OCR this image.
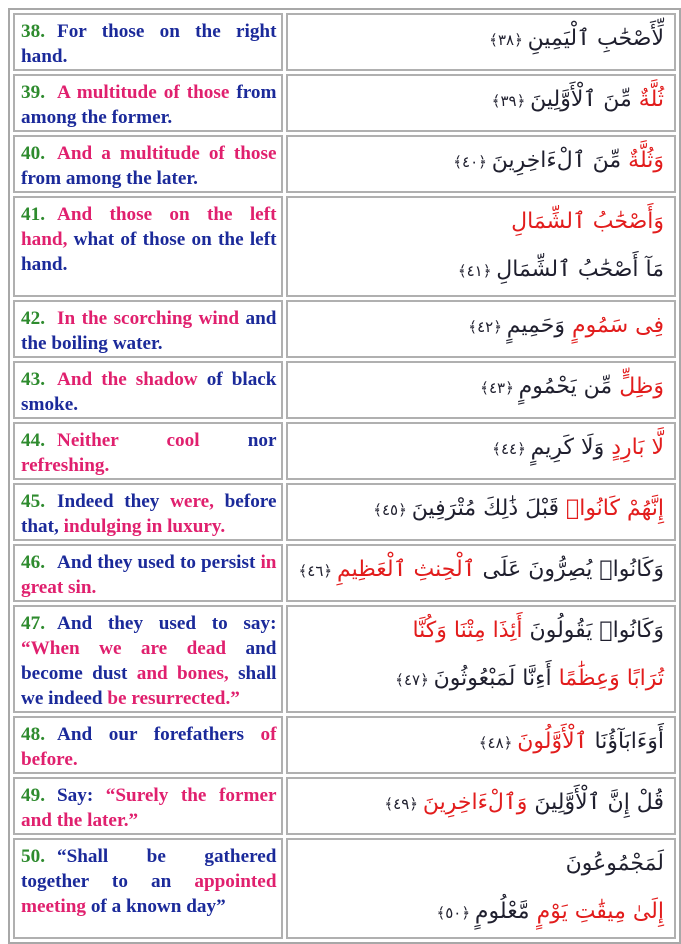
38. For those on the right hand.	لِّأَصْحَٰبِ ٱلْيَمِينِ ﴿٣٨﴾

39. A multitude of those from among the former.	ثُلَّةٌ مِّنَ ٱلْأَوَّلِينَ ﴿٣٩﴾

40. And a multitude of those from among the later.	وَثُلَّةٌ مِّنَ ٱلْءَاخِرِينَ ﴿٤٠﴾

41. And those on the left hand, what of those on the left hand.	وَأَصْحَٰبُ ٱلشِّمَالِ
مَآ أَصْحَٰبُ ٱلشِّمَالِ ﴿٤١﴾

42. In the scorching wind and the boiling water.	فِى سَمُومٍ وَحَمِيمٍ ﴿٤٢﴾

43. And the shadow of black smoke.	وَظِلٍّ مِّن يَحْمُومٍ ﴿٤٣﴾

44. Neither cool nor refreshing.	لَّا بَارِدٍ وَلَا كَرِيمٍ ﴿٤٤﴾

45. Indeed they were, before that, indulging in luxury.	إِنَّهُمْ كَانُوا۟ قَبْلَ ذَٰلِكَ مُتْرَفِينَ ﴿٤٥﴾

46. And they used to persist in great sin.	وَكَانُوا۟ يُصِرُّونَ عَلَى ٱلْحِنثِ ٱلْعَظِيمِ ﴿٤٦﴾

47. And they used to say: “When we are dead and become dust and bones, shall we indeed be resurrected.”	وَكَانُوا۟ يَقُولُونَ أَئِذَا مِتْنَا وَكُنَّا
تُرَابًا وَعِظَٰمًا أَءِنَّا لَمَبْعُوثُونَ ﴿٤٧﴾

48. And our forefathers of before.	أَوَءَابَآؤُنَا ٱلْأَوَّلُونَ ﴿٤٨﴾

49. Say: “Surely the former and the later.”	قُلْ إِنَّ ٱلْأَوَّلِينَ وَٱلْءَاخِرِينَ ﴿٤٩﴾

50. “Shall be gathered together to an appointed meeting of a known day”	لَمَجْمُوعُونَ
إِلَىٰ مِيقَٰتِ يَوْمٍ مَّعْلُومٍ ﴿٥٠﴾
